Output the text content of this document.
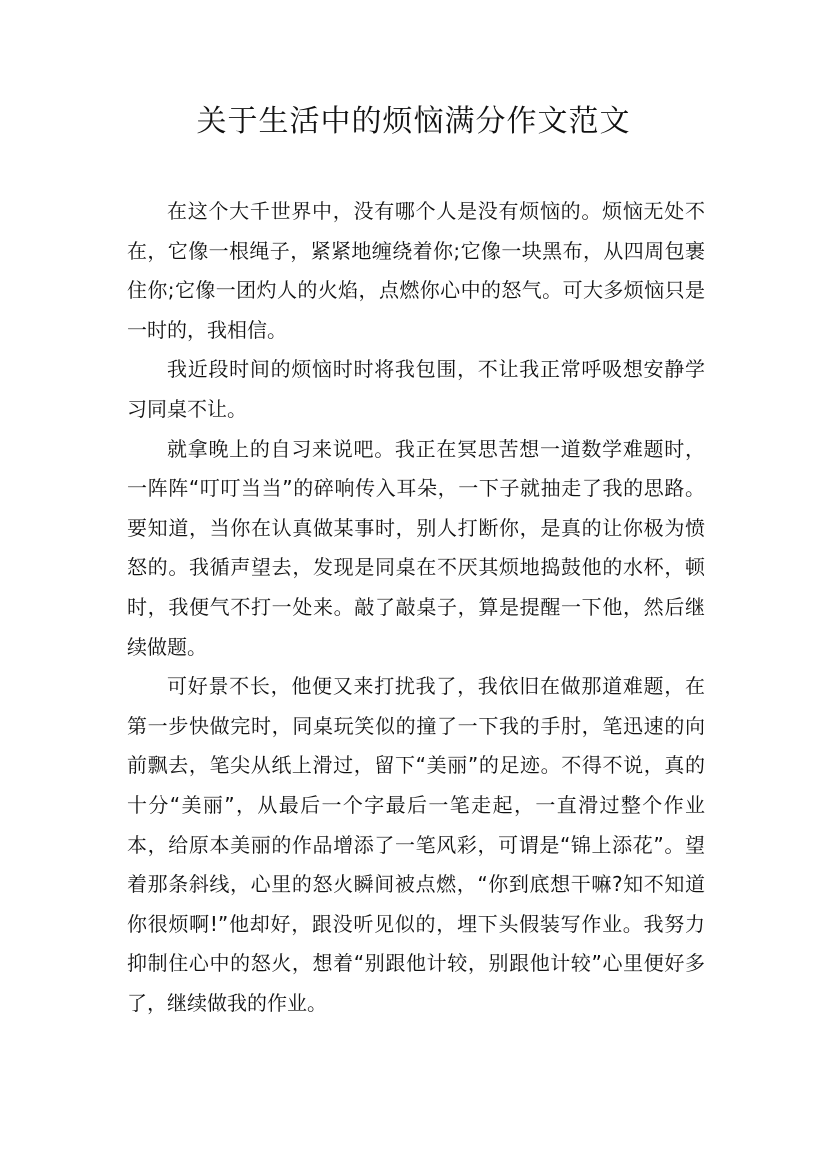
关于生活中的烦恼满分作文范文

在这个大千世界中，没有哪个人是没有烦恼的。烦恼无处不在，它像一根绳子，紧紧地缠绕着你;它像一块黑布，从四周包裹住你;它像一团灼人的火焰，点燃你心中的怒气。可大多烦恼只是一时的，我相信。

我近段时间的烦恼时时将我包围，不让我正常呼吸想安静学习同桌不让。

就拿晚上的自习来说吧。我正在冥思苦想一道数学难题时，一阵阵“叮叮当当”的碎响传入耳朵，一下子就抽走了我的思路。要知道，当你在认真做某事时，别人打断你，是真的让你极为愤怒的。我循声望去，发现是同桌在不厌其烦地捣鼓他的水杯，顿时，我便气不打一处来。敲了敲桌子，算是提醒一下他，然后继续做题。

可好景不长，他便又来打扰我了，我依旧在做那道难题，在第一步快做完时，同桌玩笑似的撞了一下我的手肘，笔迅速的向前飘去，笔尖从纸上滑过，留下“美丽”的足迹。不得不说，真的十分“美丽”，从最后一个字最后一笔走起，一直滑过整个作业本，给原本美丽的作品增添了一笔风彩，可谓是“锦上添花”。望着那条斜线，心里的怒火瞬间被点燃，“你到底想干嘛?知不知道你很烦啊!”他却好，跟没听见似的，埋下头假装写作业。我努力抑制住心中的怒火，想着“别跟他计较，别跟他计较”心里便好多了，继续做我的作业。
